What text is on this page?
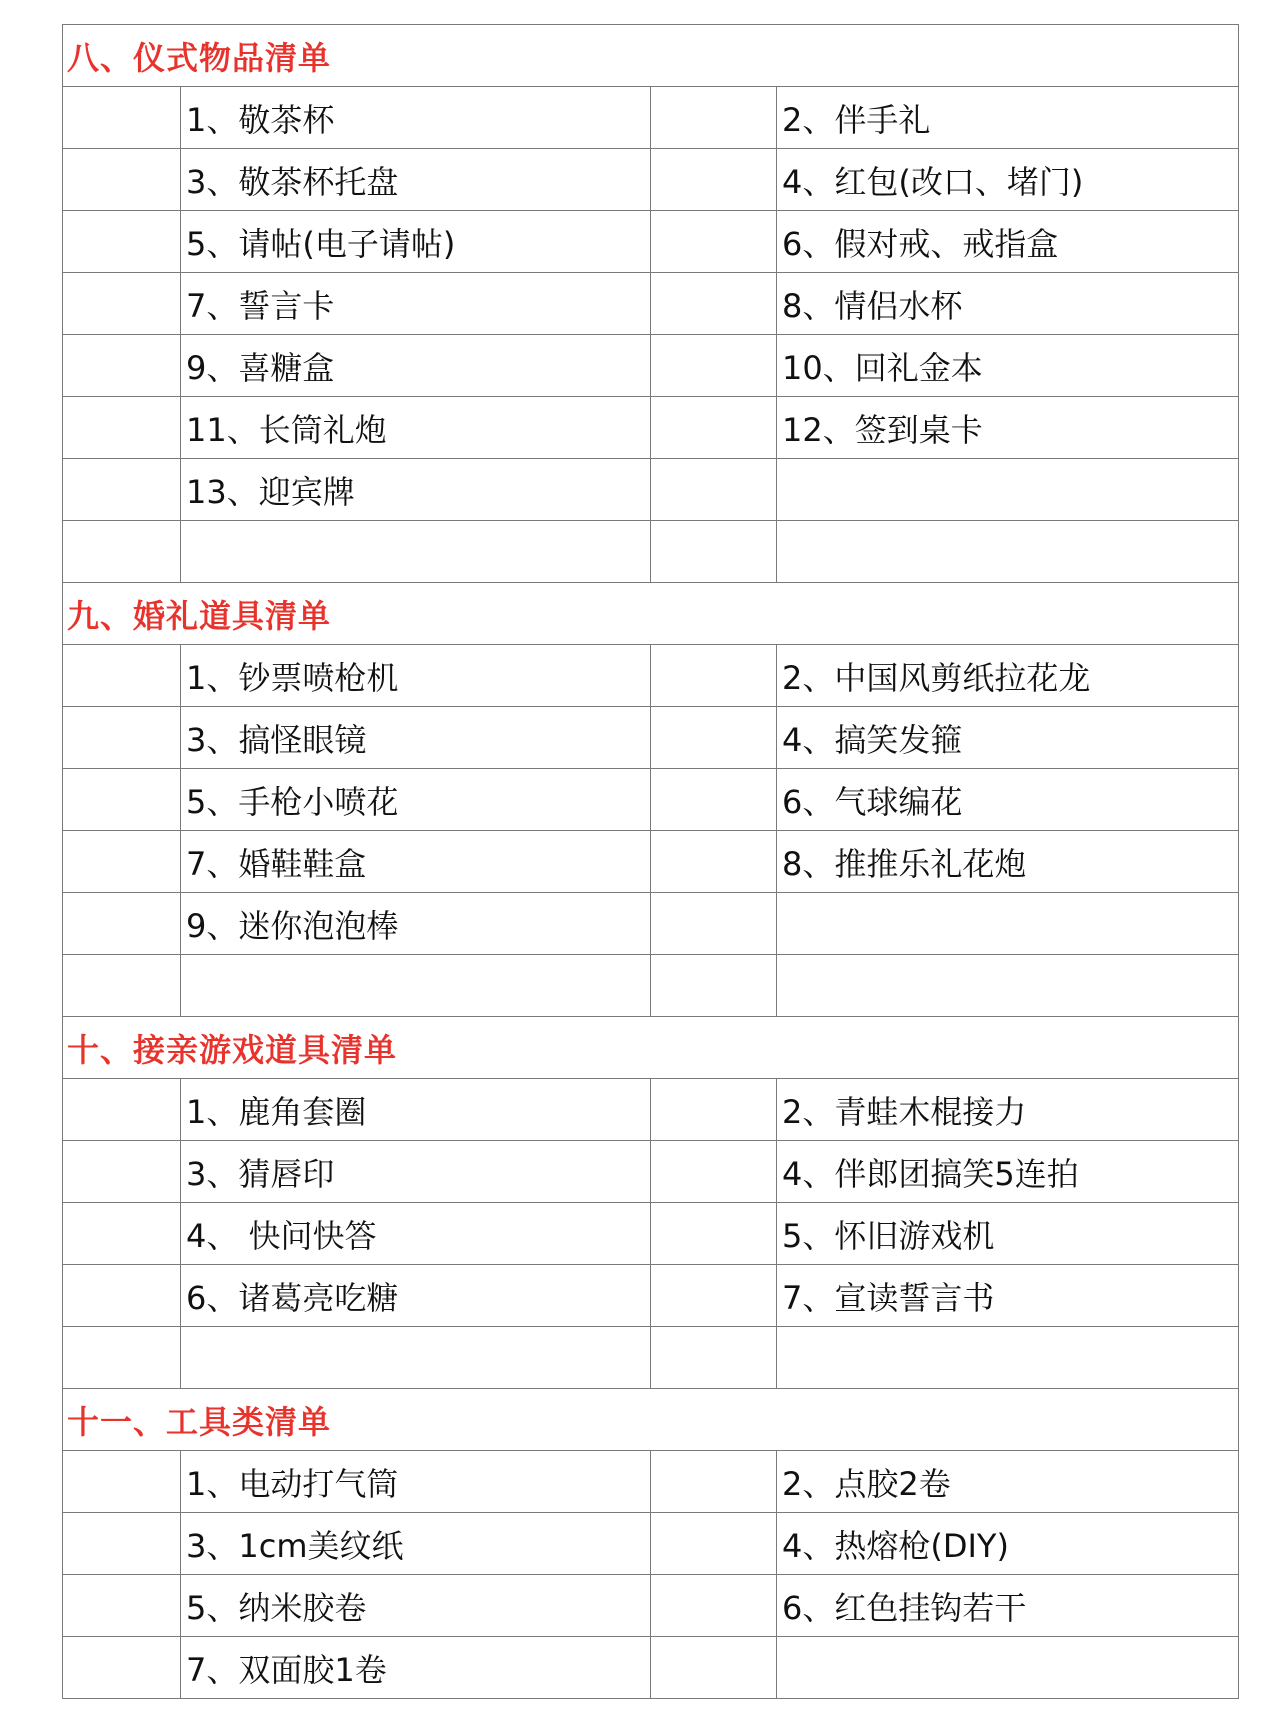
八、仪式物品清单
1、敬茶杯	2、伴手礼
3、敬茶杯托盘	4、红包(改口、堵门)
5、请帖(电子请帖)	6、假对戒、戒指盒
7、誓言卡	8、情侣水杯
9、喜糖盒	10、回礼金本
11、长筒礼炮	12、签到桌卡
13、迎宾牌
九、婚礼道具清单
1、钞票喷枪机	2、中国风剪纸拉花龙
3、搞怪眼镜	4、搞笑发箍
5、手枪小喷花	6、气球编花
7、婚鞋鞋盒	8、推推乐礼花炮
9、迷你泡泡棒
十、接亲游戏道具清单
1、鹿角套圈	2、青蛙木棍接力
3、猜唇印	4、伴郎团搞笑5连拍
4、 快问快答	5、怀旧游戏机
6、诸葛亮吃糖	7、宣读誓言书
十一、工具类清单
1、电动打气筒	2、点胶2卷
3、1cm美纹纸	4、热熔枪(DIY)
5、纳米胶卷	6、红色挂钩若干
7、双面胶1卷
